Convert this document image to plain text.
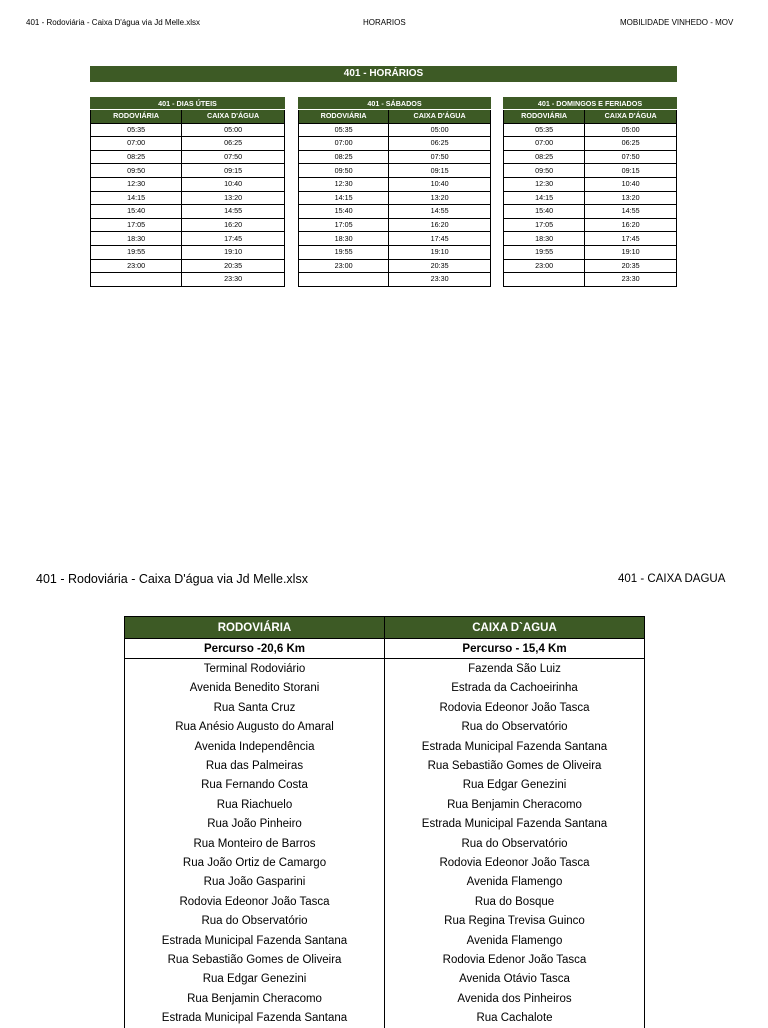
401 - Rodoviária - Caixa D'água via Jd Melle.xlsx	HORARIOS	MOBILIDADE VINHEDO - MOV
401 - HORÁRIOS
401 - DIAS ÚTEIS	
RODOVIÁRIA	CAIXA D'ÁGUA
05:35	05:00
07:00	06:25
08:25	07:50
09:50	09:15
12:30	10:40
14:15	13:20
15:40	14:55
17:05	16:20
18:30	17:45
19:55	19:10
23:00	20:35
	23:30
401 - SÁBADOS	
RODOVIÁRIA	CAIXA D'ÁGUA
05:35	05:00
07:00	06:25
08:25	07:50
09:50	09:15
12:30	10:40
14:15	13:20
15:40	14:55
17:05	16:20
18:30	17:45
19:55	19:10
23:00	20:35
	23:30
401 - DOMINGOS E FERIADOS	
RODOVIÁRIA	CAIXA D'ÁGUA
05:35	05:00
07:00	06:25
08:25	07:50
09:50	09:15
12:30	10:40
14:15	13:20
15:40	14:55
17:05	16:20
18:30	17:45
19:55	19:10
23:00	20:35
	23:30
401 - Rodoviária - Caixa D'água via Jd Melle.xlsx	401 - CAIXA DAGUA
RODOVIÁRIA	CAIXA D`AGUA
Percurso -20,6 Km	Percurso - 15,4 Km
Terminal Rodoviário	Fazenda São Luiz
Avenida Benedito Storani	Estrada da Cachoeirinha
Rua Santa Cruz	Rodovia Edeonor João Tasca
Rua Anésio Augusto do Amaral	Rua do Observatório
Avenida Independência	Estrada Municipal Fazenda Santana
Rua das Palmeiras	Rua Sebastião Gomes de Oliveira
Rua Fernando Costa	Rua Edgar Genezini
Rua Riachuelo	Rua Benjamin Cheracomo
Rua João Pinheiro	Estrada Municipal Fazenda Santana
Rua Monteiro de Barros	Rua do Observatório
Rua João Ortiz de Camargo	Rodovia Edeonor João Tasca
Rua João Gasparini	Avenida Flamengo
Rodovia Edeonor João Tasca	Rua do Bosque
Rua do Observatório	Rua Regina Trevisa Guinco
Estrada Municipal Fazenda Santana	Avenida Flamengo
Rua Sebastião Gomes de Oliveira	Rodovia Edenor João Tasca
Rua Edgar Genezini	Avenida Otávio Tasca
Rua Benjamin Cheracomo	Avenida dos Pinheiros
Estrada Municipal Fazenda Santana	Rua Cachalote
